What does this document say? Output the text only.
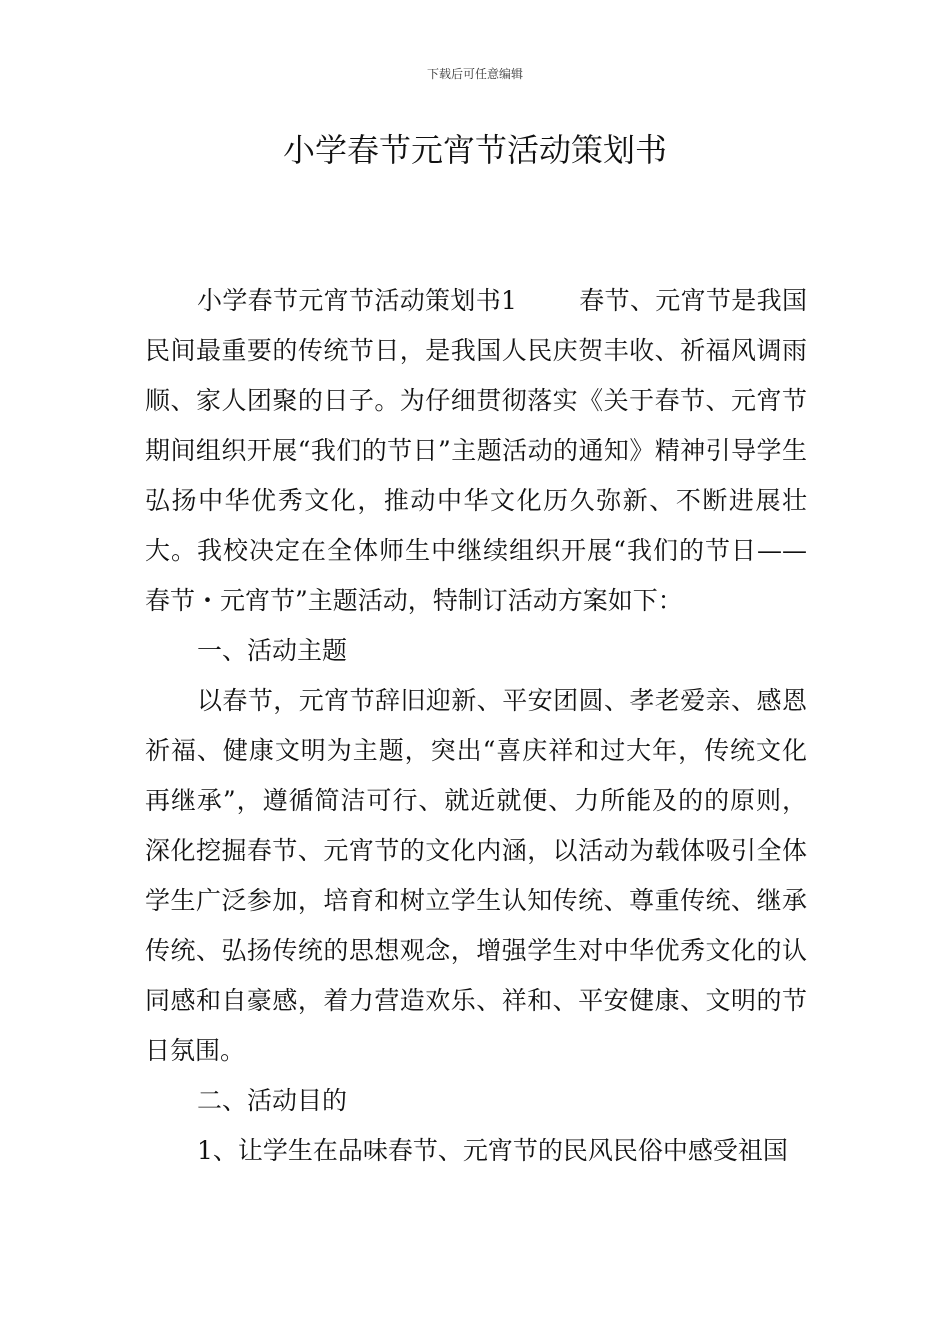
下载后可任意编辑
小学春节元宵节活动策划书

小学春节元宵节活动策划书1 春节、元宵节是我国民间最重要的传统节日，是我国人民庆贺丰收、祈福风调雨顺、家人团聚的日子。为仔细贯彻落实《关于春节、元宵节期间组织开展“我们的节日”主题活动的通知》精神引导学生弘扬中华优秀文化，推动中华文化历久弥新、不断进展壮大。我校决定在全体师生中继续组织开展“我们的节日——春节・元宵节”主题活动，特制订活动方案如下：

一、活动主题

以春节，元宵节辞旧迎新、平安团圆、孝老爱亲、感恩祈福、健康文明为主题，突出“喜庆祥和过大年，传统文化再继承”，遵循简洁可行、就近就便、力所能及的的原则，深化挖掘春节、元宵节的文化内涵，以活动为载体吸引全体学生广泛参加，培育和树立学生认知传统、尊重传统、继承传统、弘扬传统的思想观念，增强学生对中华优秀文化的认同感和自豪感，着力营造欢乐、祥和、平安健康、文明的节日氛围。

二、活动目的

1、让学生在品味春节、元宵节的民风民俗中感受祖国
